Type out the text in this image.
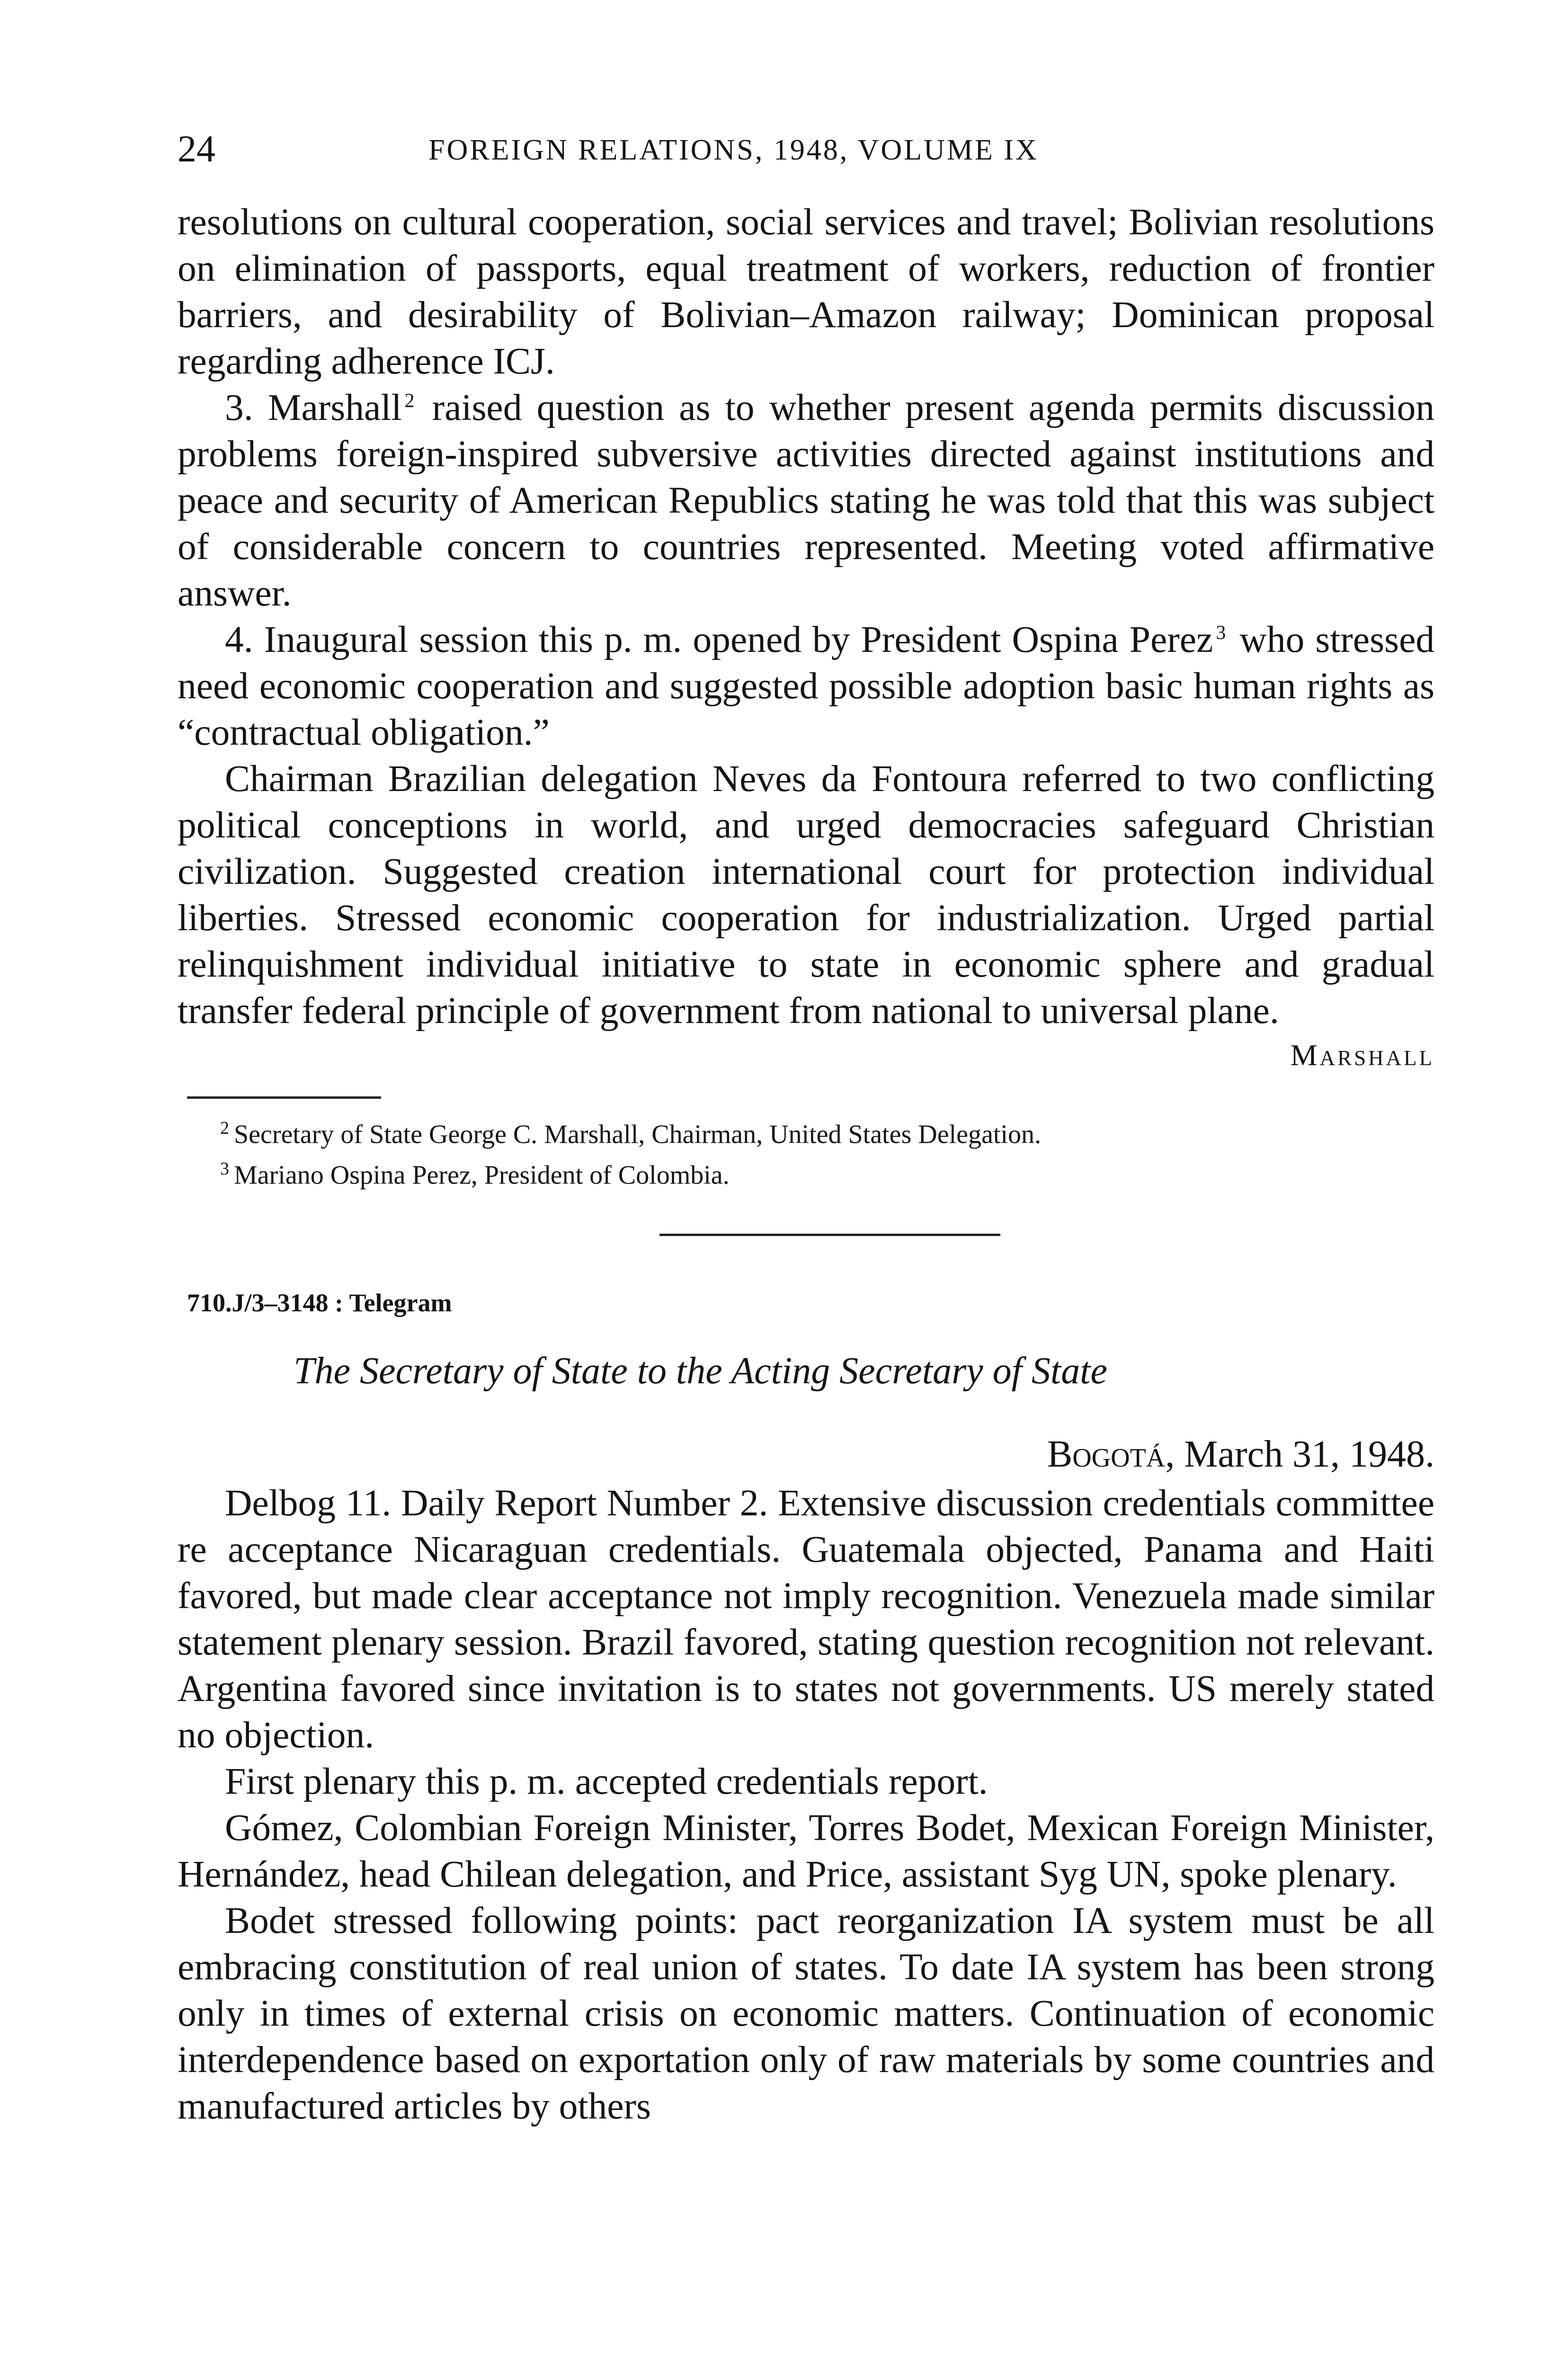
24	FOREIGN RELATIONS, 1948, VOLUME IX

resolutions on cultural cooperation, social services and travel; Bolivian resolutions on elimination of passports, equal treatment of workers, reduction of frontier barriers, and desirability of Bolivian–Amazon railway; Dominican proposal regarding adherence ICJ.

3. Marshall $^2$ raised question as to whether present agenda permits discussion problems foreign-inspired subversive activities directed against institutions and peace and security of American Republics stating he was told that this was subject of considerable concern to countries represented. Meeting voted affirmative answer.

4. Inaugural session this p. m. opened by President Ospina Perez $^3$ who stressed need economic cooperation and suggested possible adoption basic human rights as “contractual obligation.”

Chairman Brazilian delegation Neves da Fontoura referred to two conflicting political conceptions in world, and urged democracies safeguard Christian civilization. Suggested creation international court for protection individual liberties. Stressed economic cooperation for industrialization. Urged partial relinquishment individual initiative to state in economic sphere and gradual transfer federal principle of government from national to universal plane.

Marshall

$^2$ Secretary of State George C. Marshall, Chairman, United States Delegation.

$^3$ Mariano Ospina Perez, President of Colombia.

710.J/3–3148 : Telegram
The Secretary of State to the Acting Secretary of State
Bogotá, March 31, 1948.

Delbog 11. Daily Report Number 2. Extensive discussion credentials committee re acceptance Nicaraguan credentials. Guatemala objected, Panama and Haiti favored, but made clear acceptance not imply recognition. Venezuela made similar statement plenary session. Brazil favored, stating question recognition not relevant. Argentina favored since invitation is to states not governments. US merely stated no objection.

First plenary this p. m. accepted credentials report.

Gómez, Colombian Foreign Minister, Torres Bodet, Mexican Foreign Minister, Hernández, head Chilean delegation, and Price, assistant Syg UN, spoke plenary.

Bodet stressed following points: pact reorganization IA system must be all embracing constitution of real union of states. To date IA system has been strong only in times of external crisis on economic matters. Continuation of economic interdependence based on exportation only of raw materials by some countries and manufactured articles by others
